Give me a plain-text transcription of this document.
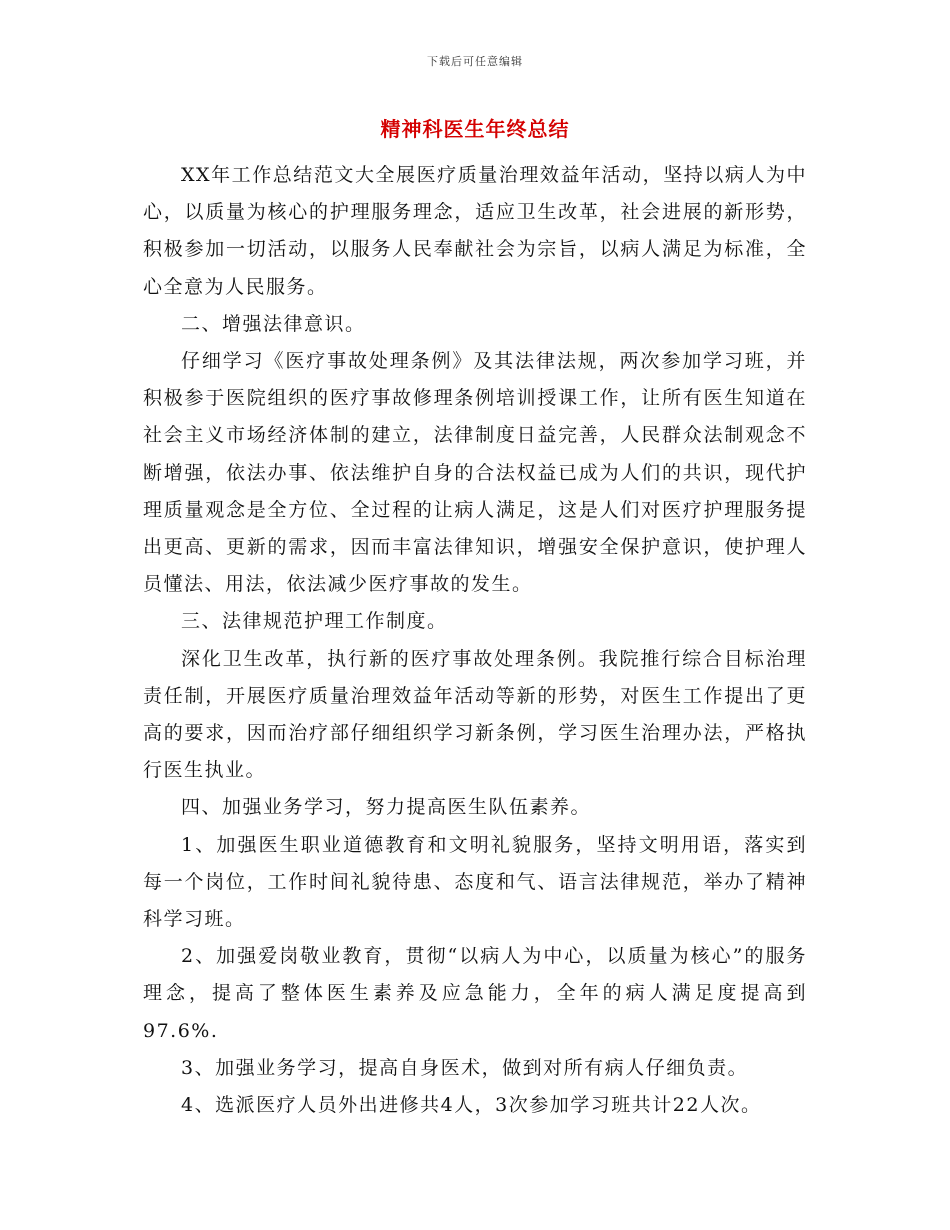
下载后可任意编辑
精神科医生年终总结

XX年工作总结范文大全展医疗质量治理效益年活动，坚持以病人为中心，以质量为核心的护理服务理念，适应卫生改革，社会进展的新形势，积极参加一切活动，以服务人民奉献社会为宗旨，以病人满足为标准，全心全意为人民服务。

二、增强法律意识。

仔细学习《医疗事故处理条例》及其法律法规，两次参加学习班，并积极参于医院组织的医疗事故修理条例培训授课工作，让所有医生知道在社会主义市场经济体制的建立，法律制度日益完善，人民群众法制观念不断增强，依法办事、依法维护自身的合法权益已成为人们的共识，现代护理质量观念是全方位、全过程的让病人满足，这是人们对医疗护理服务提出更高、更新的需求，因而丰富法律知识，增强安全保护意识，使护理人员懂法、用法，依法减少医疗事故的发生。

三、法律规范护理工作制度。

深化卫生改革，执行新的医疗事故处理条例。我院推行综合目标治理责任制，开展医疗质量治理效益年活动等新的形势，对医生工作提出了更高的要求，因而治疗部仔细组织学习新条例，学习医生治理办法，严格执行医生执业。

四、加强业务学习，努力提高医生队伍素养。

1、加强医生职业道德教育和文明礼貌服务，坚持文明用语，落实到每一个岗位，工作时间礼貌待患、态度和气、语言法律规范，举办了精神科学习班。

2、加强爱岗敬业教育，贯彻“以病人为中心，以质量为核心”的服务理念，提高了整体医生素养及应急能力，全年的病人满足度提高到97.6%.

3、加强业务学习，提高自身医术，做到对所有病人仔细负责。

4、选派医疗人员外出进修共4人，3次参加学习班共计22人次。
